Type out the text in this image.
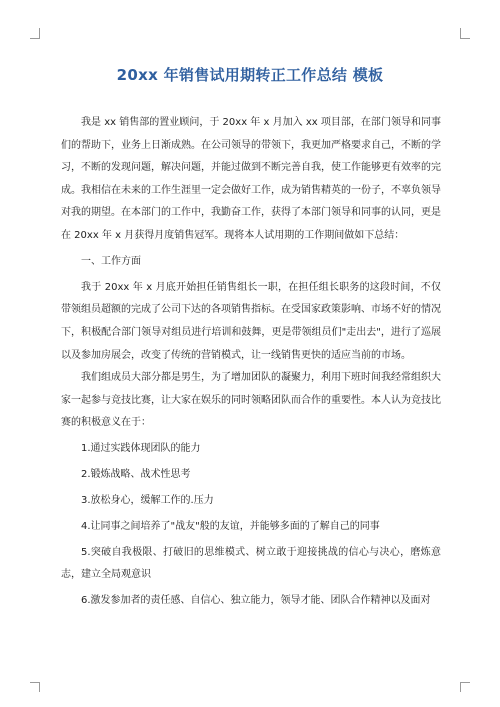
20xx 年销售试用期转正工作总结 模板

我是 xx 销售部的置业顾问，于 20xx 年 x 月加入 xx 项目部，在部门领导和同事们的帮助下，业务上日渐成熟。在公司领导的带领下，我更加严格要求自己，不断的学习，不断的发现问题，解决问题，并能过做到不断完善自我，使工作能够更有效率的完成。我相信在未来的工作生涯里一定会做好工作，成为销售精英的一份子，不辜负领导对我的期望。在本部门的工作中，我勤奋工作，获得了本部门领导和同事的认同，更是在 20xx 年 x 月获得月度销售冠军。现将本人试用期的工作期间做如下总结：

一、工作方面

我于 20xx 年 x 月底开始担任销售组长一职，在担任组长职务的这段时间，不仅带领组员超额的完成了公司下达的各项销售指标。在受国家政策影响、市场不好的情况下，积极配合部门领导对组员进行培训和鼓舞，更是带领组员们"走出去"，进行了巡展以及参加房展会，改变了传统的营销模式，让一线销售更快的适应当前的市场。

我们组成员大部分都是男生，为了增加团队的凝聚力，利用下班时间我经常组织大家一起参与竞技比赛，让大家在娱乐的同时领略团队而合作的重要性。本人认为竞技比赛的积极意义在于：

1.通过实践体现团队的能力

2.锻炼战略、战术性思考

3.放松身心，缓解工作的.压力

4.让同事之间培养了"战友"般的友谊，并能够多面的了解自己的同事

5.突破自我极限、打破旧的思维模式、树立敢于迎接挑战的信心与决心，磨炼意志，建立全局观意识

6.激发参加者的责任感、自信心、独立能力，领导才能、团队合作精神以及面对
